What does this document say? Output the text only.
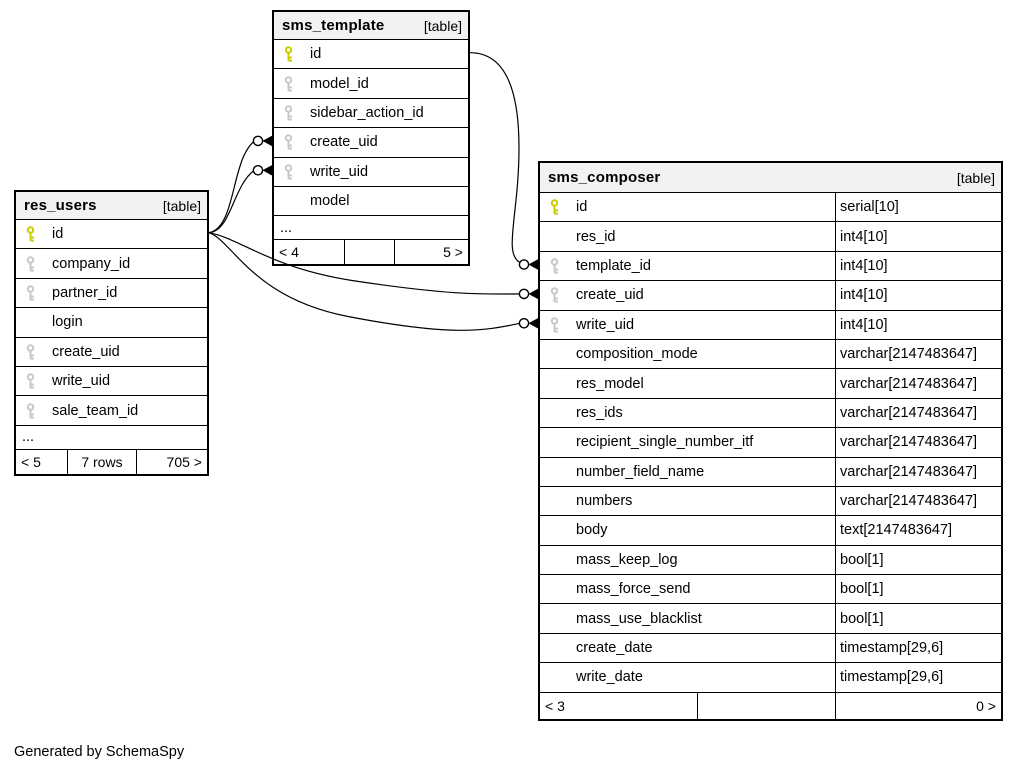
sms_template	[table]
id
model_id
sidebar_action_id
create_uid
write_uid
model
...
< 4	5 >
res_users	[table]
id
company_id
partner_id
login
create_uid
write_uid
sale_team_id
...
< 5	7 rows	705 >
sms_composer	[table]
id	serial[10]
res_id	int4[10]
template_id	int4[10]
create_uid	int4[10]
write_uid	int4[10]
composition_mode	varchar[2147483647]
res_model	varchar[2147483647]
res_ids	varchar[2147483647]
recipient_single_number_itf	varchar[2147483647]
number_field_name	varchar[2147483647]
numbers	varchar[2147483647]
body	text[2147483647]
mass_keep_log	bool[1]
mass_force_send	bool[1]
mass_use_blacklist	bool[1]
create_date	timestamp[29,6]
write_date	timestamp[29,6]
< 3	0 >
Generated by SchemaSpy
